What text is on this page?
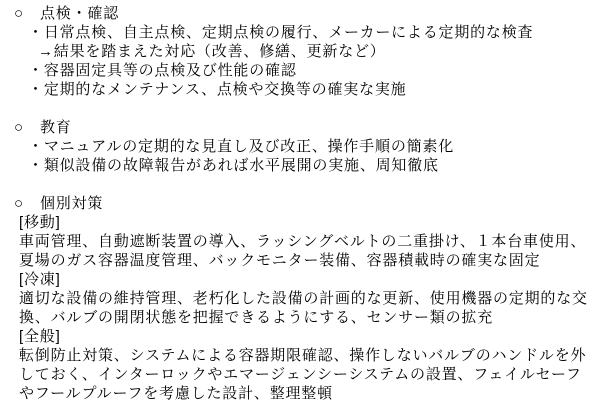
○ 点検・確認
・日常点検、自主点検、定期点検の履行、メーカーによる定期的な検査
→結果を踏まえた対応（改善、修繕、更新など）
・容器固定具等の点検及び性能の確認
・定期的なメンテナンス、点検や交換等の確実な実施
○ 教育
・マニュアルの定期的な見直し及び改正、操作手順の簡素化
・類似設備の故障報告があれば水平展開の実施、周知徹底
○ 個別対策
[移動]
車両管理、自動遮断装置の導入、ラッシングベルトの二重掛け、１本台車使用、
夏場のガス容器温度管理、バックモニター装備、容器積載時の確実な固定
[冷凍]
適切な設備の維持管理、老朽化した設備の計画的な更新、使用機器の定期的な交
換、バルブの開閉状態を把握できるようにする、センサー類の拡充
[全般]
転倒防止対策、システムによる容器期限確認、操作しないバルブのハンドルを外
しておく、インターロックやエマージェンシーシステムの設置、フェイルセーフ
やフールプルーフを考慮した設計、整理整頓
